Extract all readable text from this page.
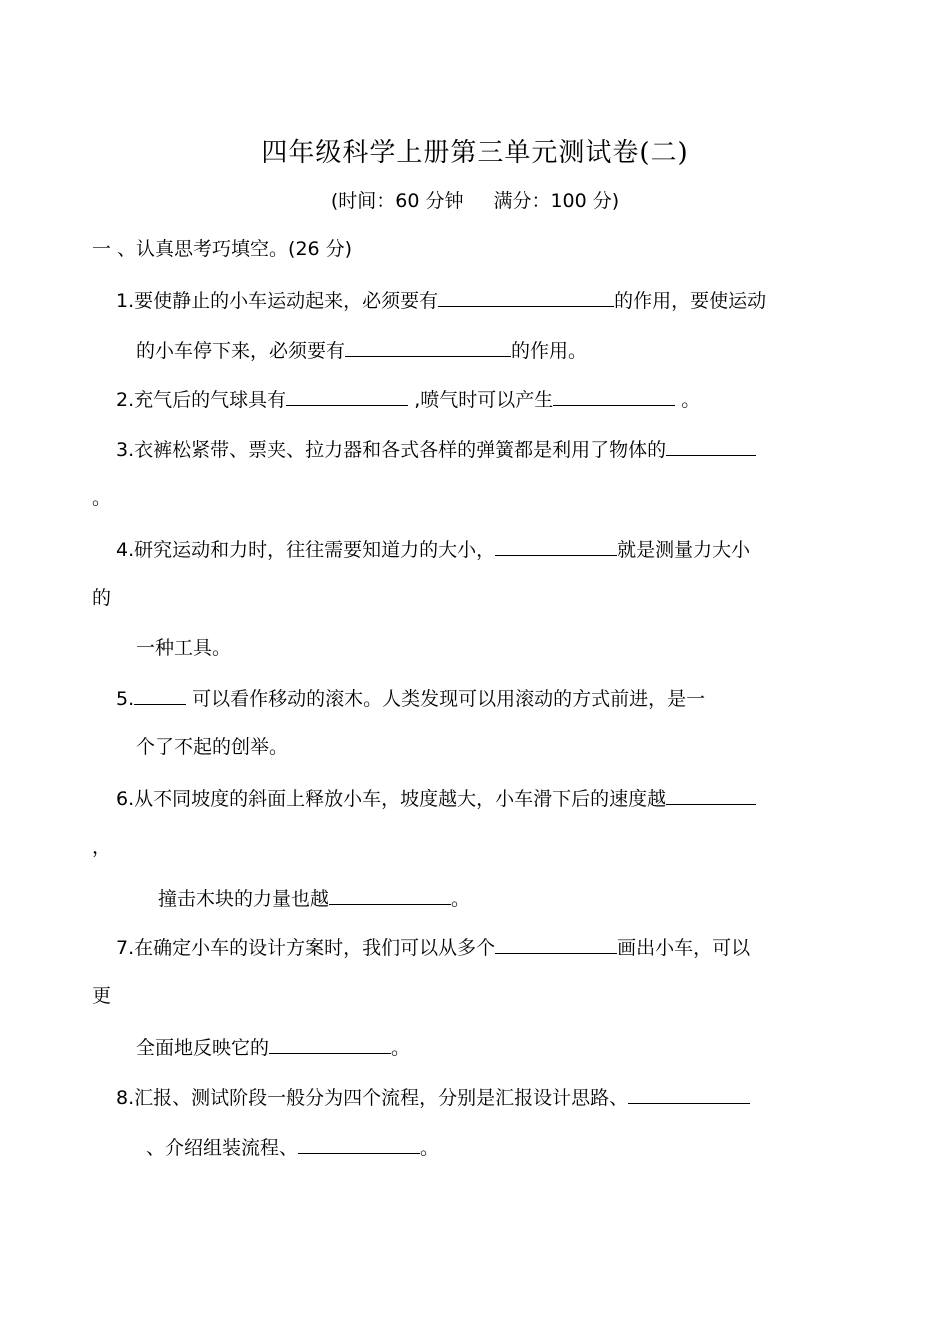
四年级科学上册第三单元测试卷(二)
(时间：60 分钟 满分：100 分)
一 、认真思考巧填空。(26 分)
1.要使静止的小车运动起来，必须要有	的作用，要使运动
的小车停下来，必须要有	的作用。
2.充气后的气球具有	,喷气时可以产生	。
3.衣裤松紧带、票夹、拉力器和各式各样的弹簧都是利用了物体的
。
4.研究运动和力时，往往需要知道力的大小，	就是测量力大小
的
一种工具。
5.	可以看作移动的滚木。人类发现可以用滚动的方式前进，是一
个了不起的创举。
6.从不同坡度的斜面上释放小车，坡度越大，小车滑下后的速度越
，
撞击木块的力量也越	。
7.在确定小车的设计方案时，我们可以从多个	画出小车，可以
更
全面地反映它的	。
8.汇报、测试阶段一般分为四个流程，分别是汇报设计思路、
、介绍组装流程、	。
